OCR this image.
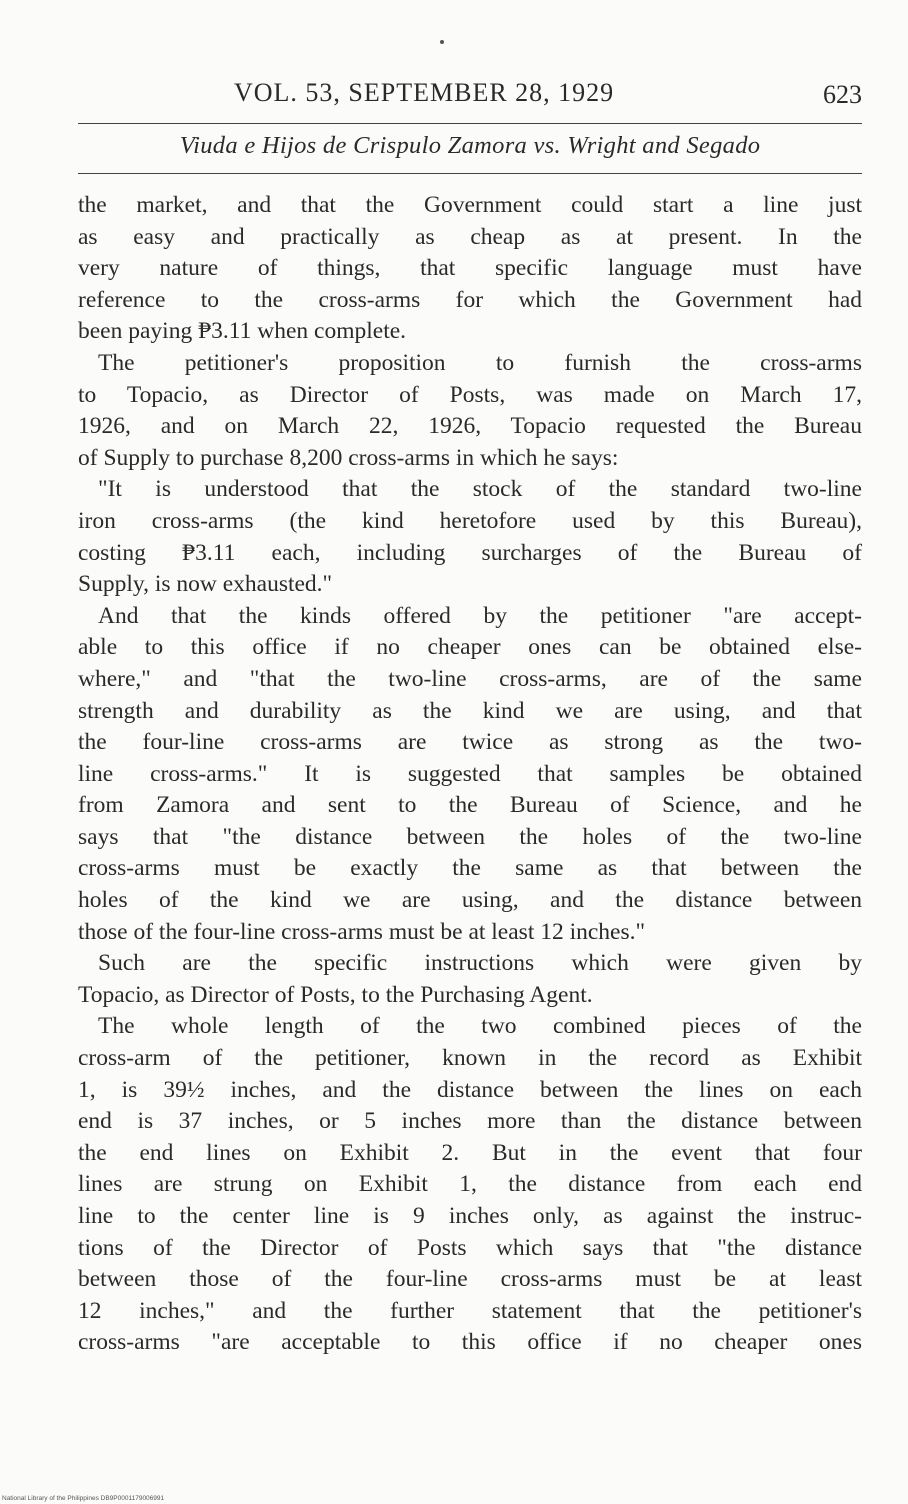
VOL. 53, SEPTEMBER 28, 1929	623
Viuda e Hijos de Crispulo Zamora vs. Wright and Segado
the market, and that the Government could start a line just
as easy and practically as cheap as at present. In the
very nature of things, that specific language must have
reference to the cross-arms for which the Government had
been paying ₱3.11 when complete.
The petitioner's proposition to furnish the cross-arms
to Topacio, as Director of Posts, was made on March 17,
1926, and on March 22, 1926, Topacio requested the Bureau
of Supply to purchase 8,200 cross-arms in which he says:
"It is understood that the stock of the standard two-line
iron cross-arms (the kind heretofore used by this Bureau),
costing ₱3.11 each, including surcharges of the Bureau of
Supply, is now exhausted."
And that the kinds offered by the petitioner "are accept-
able to this office if no cheaper ones can be obtained else-
where," and "that the two-line cross-arms, are of the same
strength and durability as the kind we are using, and that
the four-line cross-arms are twice as strong as the two-
line cross-arms." It is suggested that samples be obtained
from Zamora and sent to the Bureau of Science, and he
says that "the distance between the holes of the two-line
cross-arms must be exactly the same as that between the
holes of the kind we are using, and the distance between
those of the four-line cross-arms must be at least 12 inches."
Such are the specific instructions which were given by
Topacio, as Director of Posts, to the Purchasing Agent.
The whole length of the two combined pieces of the
cross-arm of the petitioner, known in the record as Exhibit
1, is 39½ inches, and the distance between the lines on each
end is 37 inches, or 5 inches more than the distance between
the end lines on Exhibit 2. But in the event that four
lines are strung on Exhibit 1, the distance from each end
line to the center line is 9 inches only, as against the instruc-
tions of the Director of Posts which says that "the distance
between those of the four-line cross-arms must be at least
12 inches," and the further statement that the petitioner's
cross-arms "are acceptable to this office if no cheaper ones
National Library of the Philippines DB9P0001179006991
